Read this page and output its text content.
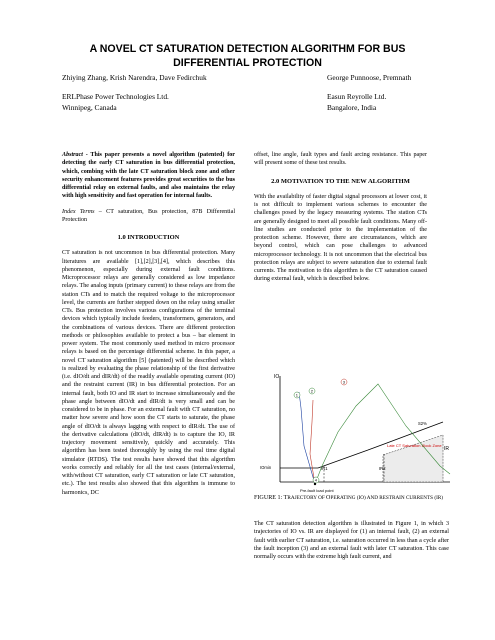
A NOVEL CT SATURATION DETECTION ALGORITHM FOR BUS
DIFFERENTIAL PROTECTION
Zhiying Zhang, Krish Narendra, Dave Fedirchuk
ERLPhase Power Technologies Ltd.
Winnipeg, Canada
George Punnoose, Premnath
Easun Reyrolle Ltd.
Bangalore, India

Abstract - This paper presents a novel algorithm (patented) for detecting the early CT saturation in bus differential protection, which, combing with the late CT saturation block zone and other security enhancement features provides great securities to the bus differential relay on external faults, and also maintains the relay with high sensitivity and fast operation for internal faults.

Index Terms – CT saturation, Bus protection, 87B Differential Protection

1.0 INTRODUCTION

CT saturation is not uncommon in bus differential protection. Many literatures are available [1],[2],[3],[4], which describes this phenomenon, especially during external fault conditions. Microprocessor relays are generally considered as low impedance relays. The analog inputs (primary current) to these relays are from the station CTs and to match the required voltage to the microprocessor level, the currents are further stepped down on the relay using smaller CTs. Bus protection involves various configurations of the terminal devices which typically include feeders, transformers, generators, and the combinations of various devices. There are different protection methods or philosophies available to protect a bus – bar element in power system. The most commonly used method in micro processor relays is based on the percentage differential scheme. In this paper, a novel CT saturation algorithm [5] (patented) will be described which is realized by evaluating the phase relationship of the first derivative (i.e. dIO/dt and dIR/dt) of the readily available operating current (IO) and the restraint current (IR) in bus differential protection. For an internal fault, both IO and IR start to increase simultaneously and the phase angle between dIO/dt and dIR/dt is very small and can be considered to be in phase. For an external fault with CT saturation, no matter how severe and how soon the CT starts to saturate, the phase angle of dIO/dt is always lagging with respect to dIR/dt. The use of the derivative calculations (dIO/dt, dIR/dt) is to capture the IO, IR trajectory movement sensitively, quickly and accurately. This algorithm has been tested thoroughly by using the real time digital simulator (RTDS). The test results have showed that this algorithm works correctly and reliably for all the test cases (internal/external, with/without CT saturation, early CT saturation or late CT saturation, etc.). The test results also showed that this algorithm is immune to harmonics, DC

offset, line angle, fault types and fault arcing resistance. This paper will present some of these test results.

2.0 MOTIVATION TO THE NEW ALGORITHM

With the availability of faster digital signal processors at lower cost, it is not difficult to implement various schemes to encounter the challenges posed by the legacy measuring systems. The station CTs are generally designed to meet all possible fault conditions. Many off-line studies are conducted prior to the implementation of the protection scheme. However, there are circumstances, which are beyond control, which can pose challenges to advanced microprocessor technology. It is not uncommon that the electrical bus protection relays are subject to severe saturation due to external fault currents. The motivation to this algorithm is the CT saturation caused during external fault, which is described below.

IO
IR
IOmin
S2%
Late CT Saturation Block Zone
IR1	IR2
1
2
3
4
Pre-fault load point
FIGURE 1: TRAJECTORY OF OPERATING (IO) AND RESTRAIN CURRENTS (IR)
The CT saturation detection algorithm is illustrated in Figure 1, in which 3 trajectories of IO vs. IR are displayed for (1) an internal fault, (2) an external fault with earlier CT saturation, i.e. saturation occurred in less than a cycle after the fault inception (3) and an external fault with later CT saturation. This case normally occurs with the extreme high fault current, and
